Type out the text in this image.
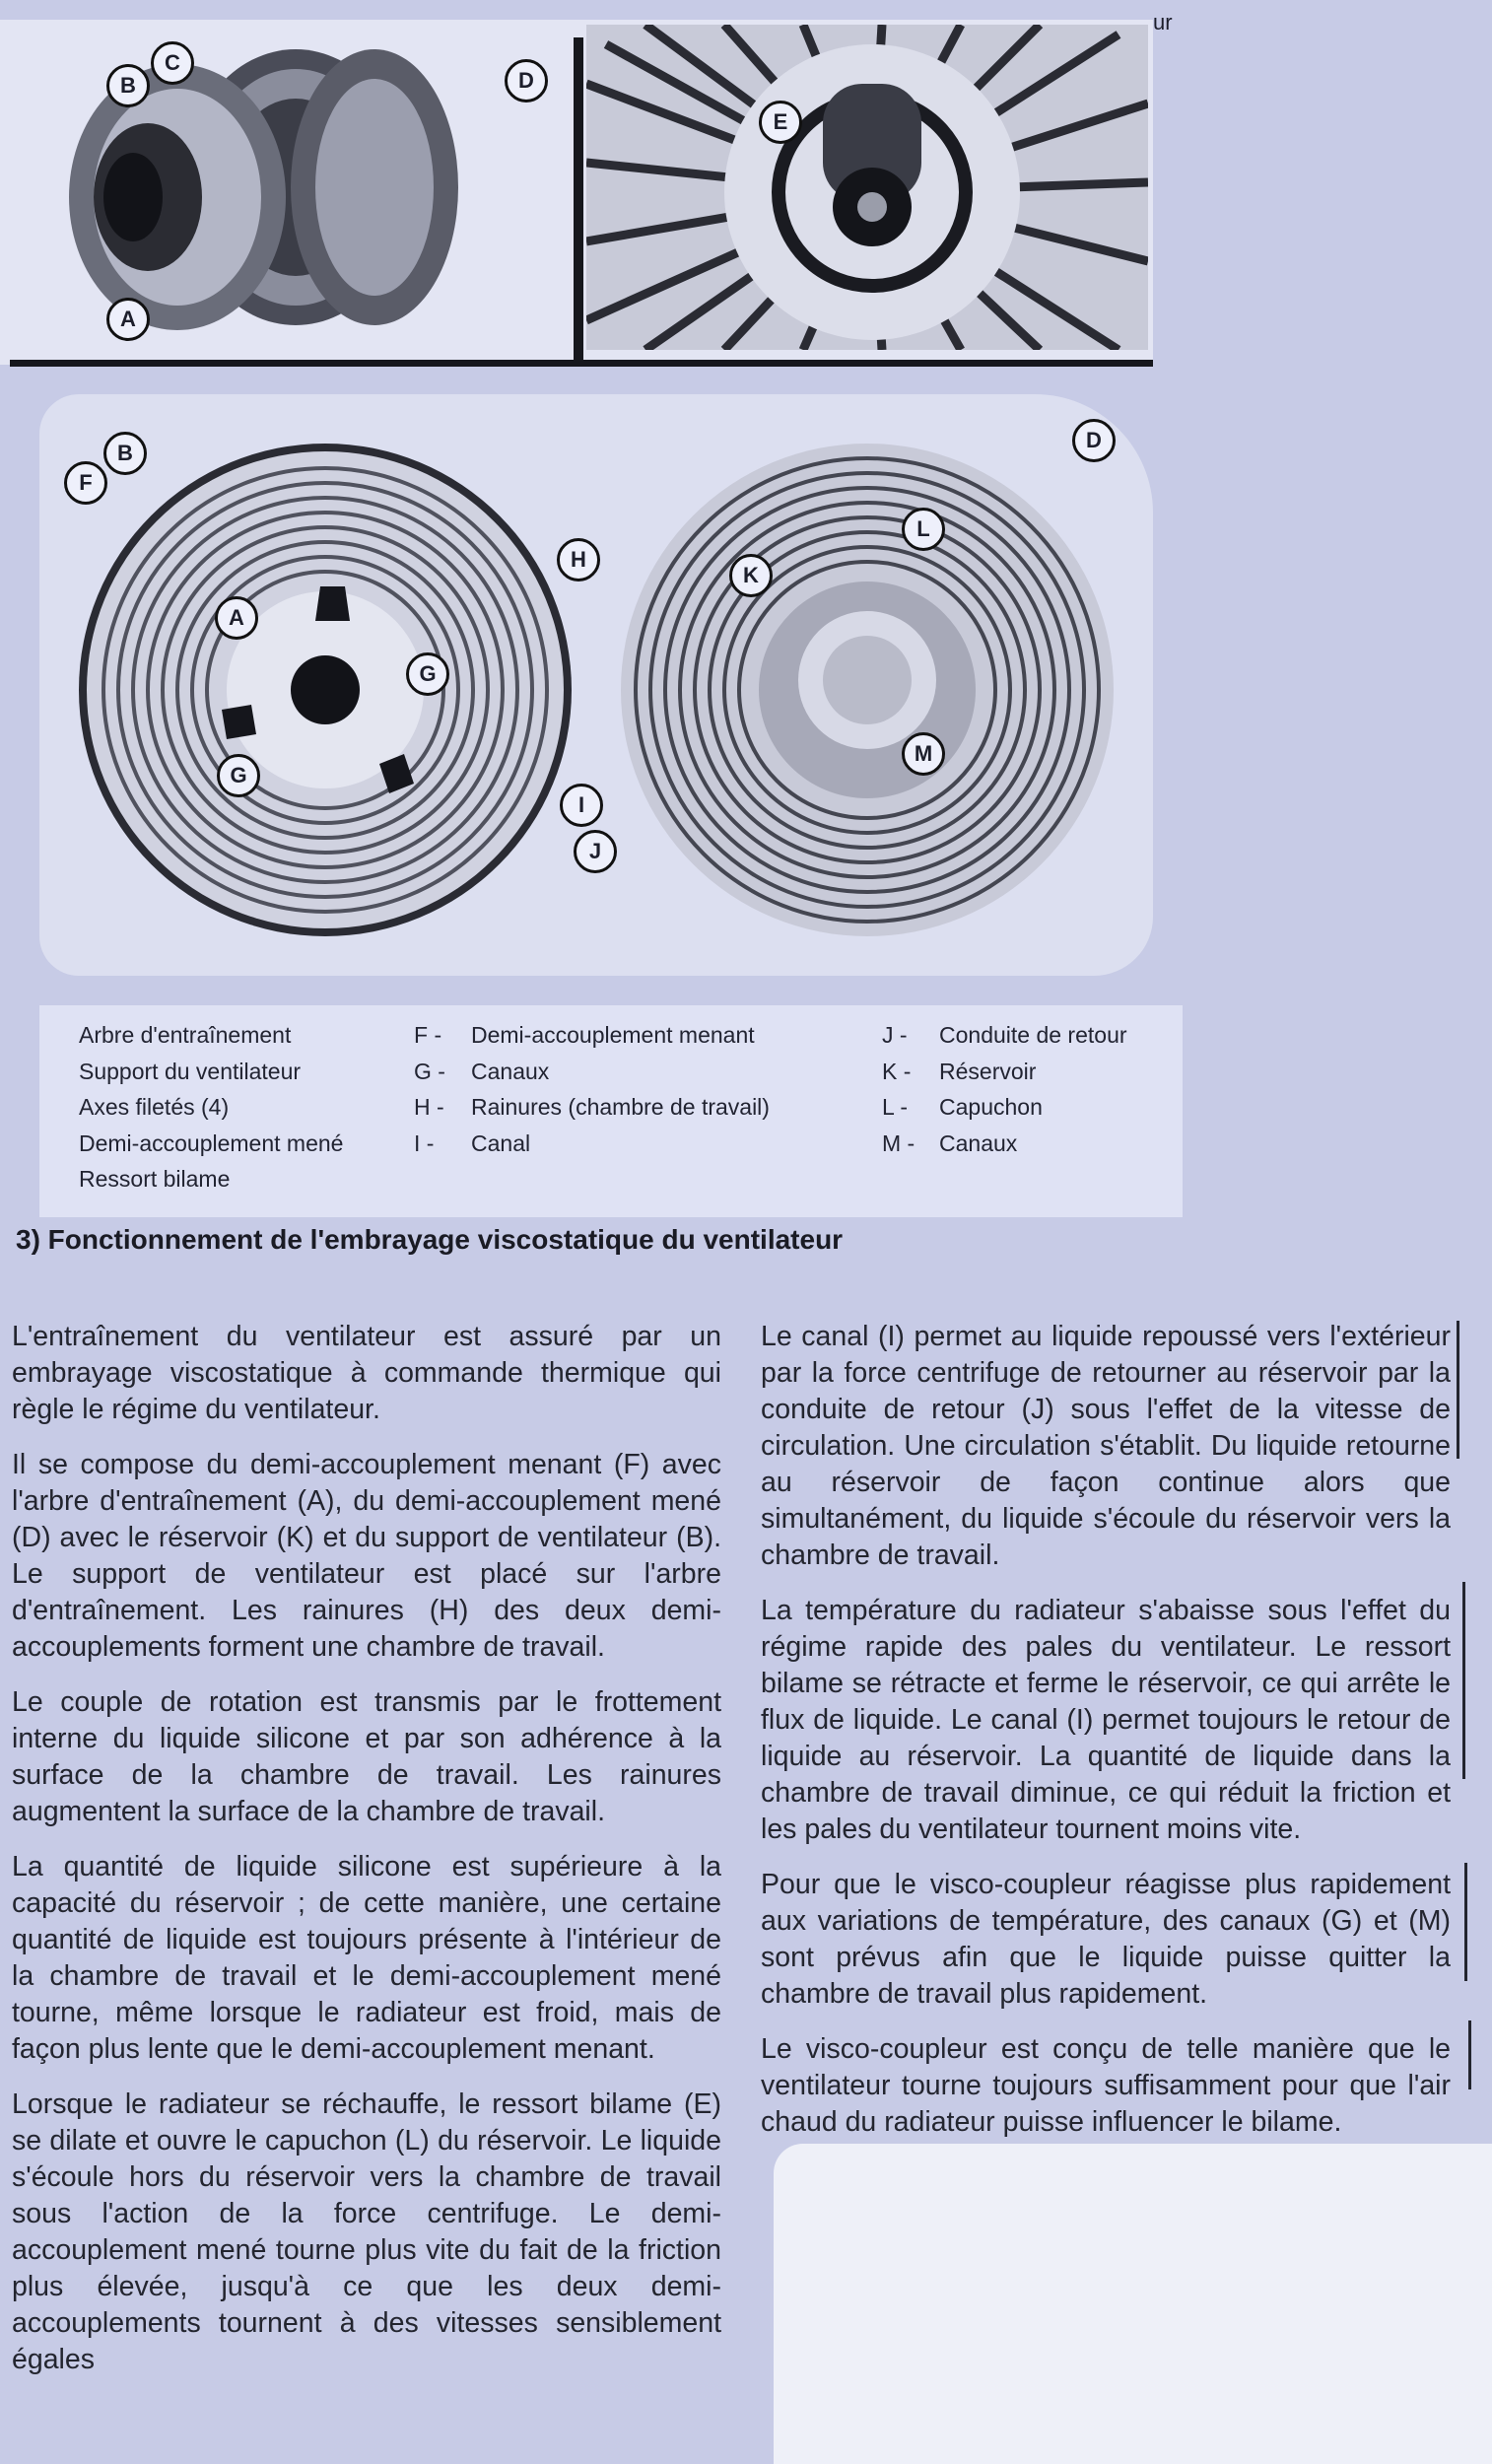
ur
B
C
D
A
E
B
F
A
G
G
H
D
L
K
M
I
J
Arbre d'entraînement
Support du ventilateur
Axes filetés (4)
Demi-accouplement mené
Ressort bilame
F - Demi-accouplement menant
G - Canaux
H - Rainures (chambre de travail)
I - Canal
J - Conduite de retour
K - Réservoir
L - Capuchon
M - Canaux
3) Fonctionnement de l'embrayage viscostatique du ventilateur

L'entraînement du ventilateur est assuré par un embrayage viscostatique à commande thermique qui règle le régime du ventilateur.

Il se compose du demi-accouplement menant (F) avec l'arbre d'entraînement (A), du demi-accouplement mené (D) avec le réservoir (K) et du support de ventilateur (B). Le support de ventilateur est placé sur l'arbre d'entraînement. Les rainures (H) des deux demi-accouplements forment une chambre de travail.

Le couple de rotation est transmis par le frottement interne du liquide silicone et par son adhérence à la surface de la chambre de travail. Les rainures augmentent la surface de la chambre de travail.

La quantité de liquide silicone est supérieure à la capacité du réservoir ; de cette manière, une certaine quantité de liquide est toujours présente à l'intérieur de la chambre de travail et le demi-accouplement mené tourne, même lorsque le radiateur est froid, mais de façon plus lente que le demi-accouplement menant.

Lorsque le radiateur se réchauffe, le ressort bilame (E) se dilate et ouvre le capuchon (L) du réservoir. Le liquide s'écoule hors du réservoir vers la chambre de travail sous l'action de la force centrifuge. Le demi-accouplement mené tourne plus vite du fait de la friction plus élevée, jusqu'à ce que les deux demi-accouplements tournent à des vitesses sensiblement égales

Le canal (I) permet au liquide repoussé vers l'extérieur par la force centrifuge de retourner au réservoir par la conduite de retour (J) sous l'effet de la vitesse de circulation. Une circulation s'établit. Du liquide retourne au réservoir de façon continue alors que simultanément, du liquide s'écoule du réservoir vers la chambre de travail.

La température du radiateur s'abaisse sous l'effet du régime rapide des pales du ventilateur. Le ressort bilame se rétracte et ferme le réservoir, ce qui arrête le flux de liquide. Le canal (I) permet toujours le retour de liquide au réservoir. La quantité de liquide dans la chambre de travail diminue, ce qui réduit la friction et les pales du ventilateur tournent moins vite.

Pour que le visco-coupleur réagisse plus rapidement aux variations de température, des canaux (G) et (M) sont prévus afin que le liquide puisse quitter la chambre de travail plus rapidement.

Le visco-coupleur est conçu de telle manière que le ventilateur tourne toujours suffisamment pour que l'air chaud du radiateur puisse influencer le bilame.
